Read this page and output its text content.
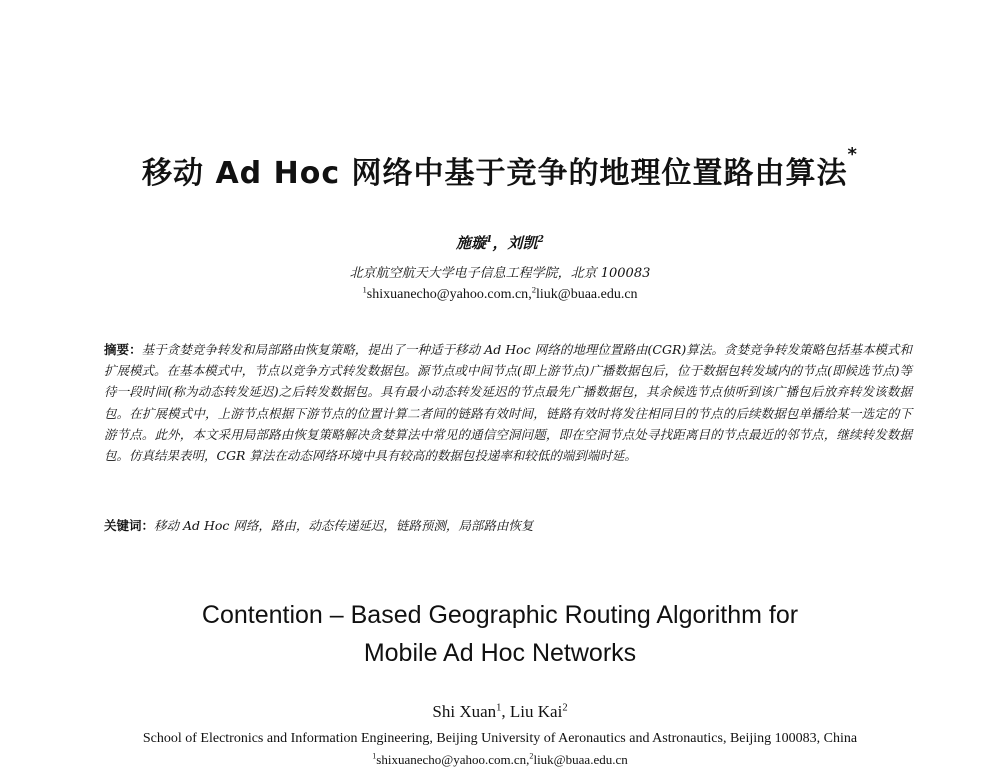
移动 Ad Hoc 网络中基于竞争的地理位置路由算法*
施璇$^1$，刘凯$^2$
北京航空航天大学电子信息工程学院，北京 100083
$^1$shixuanecho@yahoo.com.cn,$^2$liuk@buaa.edu.cn
摘要：基于贪婪竞争转发和局部路由恢复策略，提出了一种适于移动 Ad Hoc 网络的地理位置路由(CGR)算法。贪婪竞争转发策略包括基本模式和扩展模式。在基本模式中，节点以竞争方式转发数据包。源节点或中间节点(即上游节点)广播数据包后，位于数据包转发域内的节点(即候选节点)等待一段时间(称为动态转发延迟)之后转发数据包。具有最小动态转发延迟的节点最先广播数据包，其余候选节点侦听到该广播包后放弃转发该数据包。在扩展模式中，上游节点根据下游节点的位置计算二者间的链路有效时间，链路有效时将发往相同目的节点的后续数据包单播给某一选定的下游节点。此外，本文采用局部路由恢复策略解决贪婪算法中常见的通信空洞问题，即在空洞节点处寻找距离目的节点最近的邻节点，继续转发数据包。仿真结果表明，CGR 算法在动态网络环境中具有较高的数据包投递率和较低的端到端时延。
关键词：移动 Ad Hoc 网络，路由，动态传递延迟，链路预测，局部路由恢复
Contention – Based Geographic Routing Algorithm for
Mobile Ad Hoc Networks
Shi Xuan$^1$, Liu Kai$^2$
School of Electronics and Information Engineering, Beijing University of Aeronautics and Astronautics, Beijing 100083, China
$^1$shixuanecho@yahoo.com.cn,$^2$liuk@buaa.edu.cn
